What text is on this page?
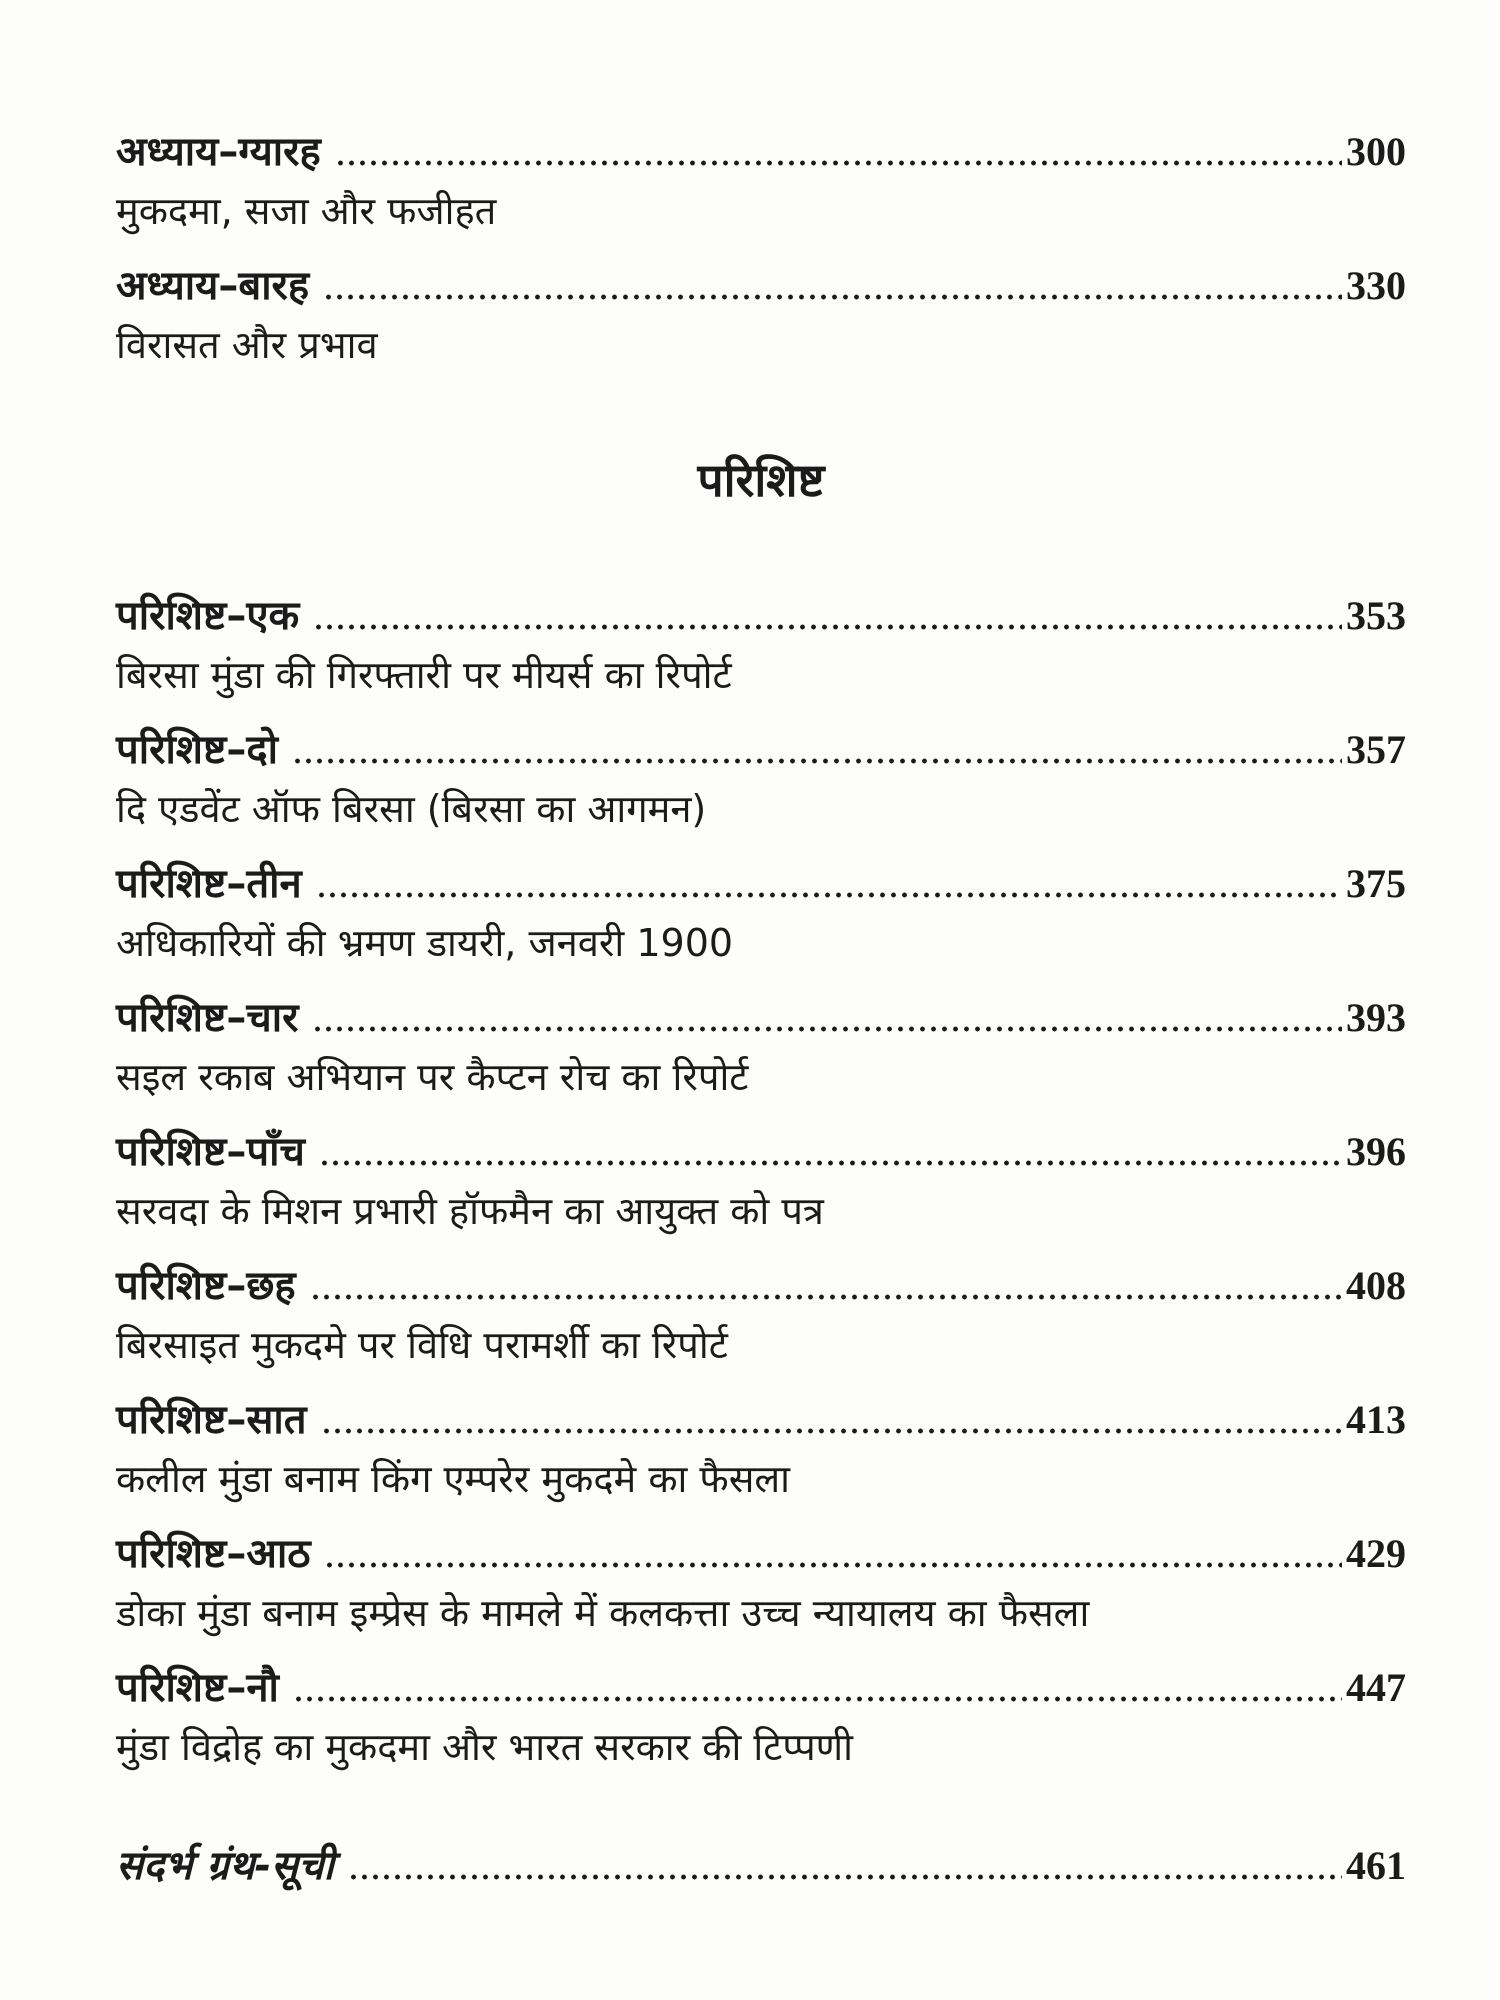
अध्याय–ग्यारह	300
मुकदमा, सजा और फजीहत
अध्याय–बारह	330
विरासत और प्रभाव
परिशिष्ट
परिशिष्ट–एक	353
बिरसा मुंडा की गिरफ्तारी पर मीयर्स का रिपोर्ट
परिशिष्ट–दो	357
दि एडवेंट ऑफ बिरसा (बिरसा का आगमन)
परिशिष्ट–तीन	375
अधिकारियों की भ्रमण डायरी, जनवरी 1900
परिशिष्ट–चार	393
सइल रकाब अभियान पर कैप्टन रोच का रिपोर्ट
परिशिष्ट–पाँच	396
सरवदा के मिशन प्रभारी हॉफमैन का आयुक्त को पत्र
परिशिष्ट–छह	408
बिरसाइत मुकदमे पर विधि परामर्शी का रिपोर्ट
परिशिष्ट–सात	413
कलील मुंडा बनाम किंग एम्परेर मुकदमे का फैसला
परिशिष्ट–आठ	429
डोका मुंडा बनाम इम्प्रेस के मामले में कलकत्ता उच्च न्यायालय का फैसला
परिशिष्ट–नौ	447
मुंडा विद्रोह का मुकदमा और भारत सरकार की टिप्पणी
संदर्भ ग्रंथ-सूची	461
